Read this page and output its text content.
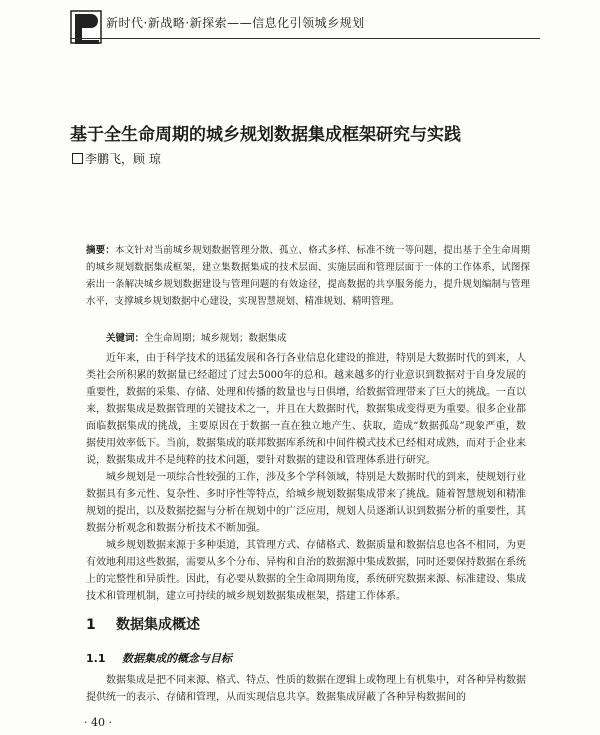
新时代·新战略·新探索——信息化引领城乡规划
基于全生命周期的城乡规划数据集成框架研究与实践
李鹏飞，顾 琼
摘要：本文针对当前城乡规划数据管理分散、孤立、格式多样、标准不统一等问题，提出基于全生命周期的城乡规划数据集成框架，建立集数据集成的技术层面、实施层面和管理层面于一体的工作体系，试图探索出一条解决城乡规划数据建设与管理问题的有效途径，提高数据的共享服务能力，提升规划编制与管理水平，支撑城乡规划数据中心建设，实现智慧规划、精准规划、精明管理。
关键词：全生命周期；城乡规划；数据集成

近年来，由于科学技术的迅猛发展和各行各业信息化建设的推进，特别是大数据时代的到来，人类社会所积累的数据量已经超过了过去5000年的总和。越来越多的行业意识到数据对于自身发展的重要性，数据的采集、存储、处理和传播的数量也与日俱增，给数据管理带来了巨大的挑战。一直以来，数据集成是数据管理的关键技术之一，并且在大数据时代，数据集成变得更为重要。很多企业都面临数据集成的挑战，主要原因在于数据一直在独立地产生、获取，造成“数据孤岛”现象严重，数据使用效率低下。当前，数据集成的联邦数据库系统和中间件模式技术已经相对成熟，而对于企业来说，数据集成并不是纯粹的技术问题，要针对数据的建设和管理体系进行研究。

城乡规划是一项综合性较强的工作，涉及多个学科领域，特别是大数据时代的到来，使规划行业数据具有多元性、复杂性、多时序性等特点，给城乡规划数据集成带来了挑战。随着智慧规划和精准规划的提出，以及数据挖掘与分析在规划中的广泛应用，规划人员逐渐认识到数据分析的重要性，其数据分析观念和数据分析技术不断加强。

城乡规划数据来源于多种渠道，其管理方式、存储格式、数据质量和数据信息也各不相同，为更有效地利用这些数据，需要从多个分布、异构和自治的数据源中集成数据，同时还要保持数据在系统上的完整性和异质性。因此，有必要从数据的全生命周期角度，系统研究数据来源、标准建设、集成技术和管理机制，建立可持续的城乡规划数据集成框架，搭建工作体系。

1 数据集成概述
1.1 数据集成的概念与目标

数据集成是把不同来源、格式、特点、性质的数据在逻辑上或物理上有机集中，对各种异构数据提供统一的表示、存储和管理，从而实现信息共享。数据集成屏蔽了各种异构数据间的

· 40 ·
